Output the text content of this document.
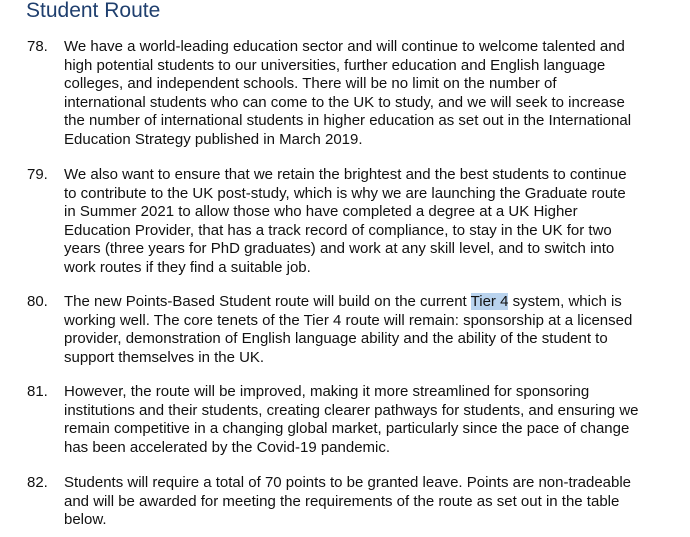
Student Route
78. We have a world-leading education sector and will continue to welcome talented and
high potential students to our universities, further education and English language
colleges, and independent schools. There will be no limit on the number of
international students who can come to the UK to study, and we will seek to increase
the number of international students in higher education as set out in the International
Education Strategy published in March 2019.
79. We also want to ensure that we retain the brightest and the best students to continue
to contribute to the UK post-study, which is why we are launching the Graduate route
in Summer 2021 to allow those who have completed a degree at a UK Higher
Education Provider, that has a track record of compliance, to stay in the UK for two
years (three years for PhD graduates) and work at any skill level, and to switch into
work routes if they find a suitable job.
80. The new Points-Based Student route will build on the current Tier 4 system, which is
working well. The core tenets of the Tier 4 route will remain: sponsorship at a licensed
provider, demonstration of English language ability and the ability of the student to
support themselves in the UK.
81. However, the route will be improved, making it more streamlined for sponsoring
institutions and their students, creating clearer pathways for students, and ensuring we
remain competitive in a changing global market, particularly since the pace of change
has been accelerated by the Covid-19 pandemic.
82. Students will require a total of 70 points to be granted leave. Points are non-tradeable
and will be awarded for meeting the requirements of the route as set out in the table
below.
